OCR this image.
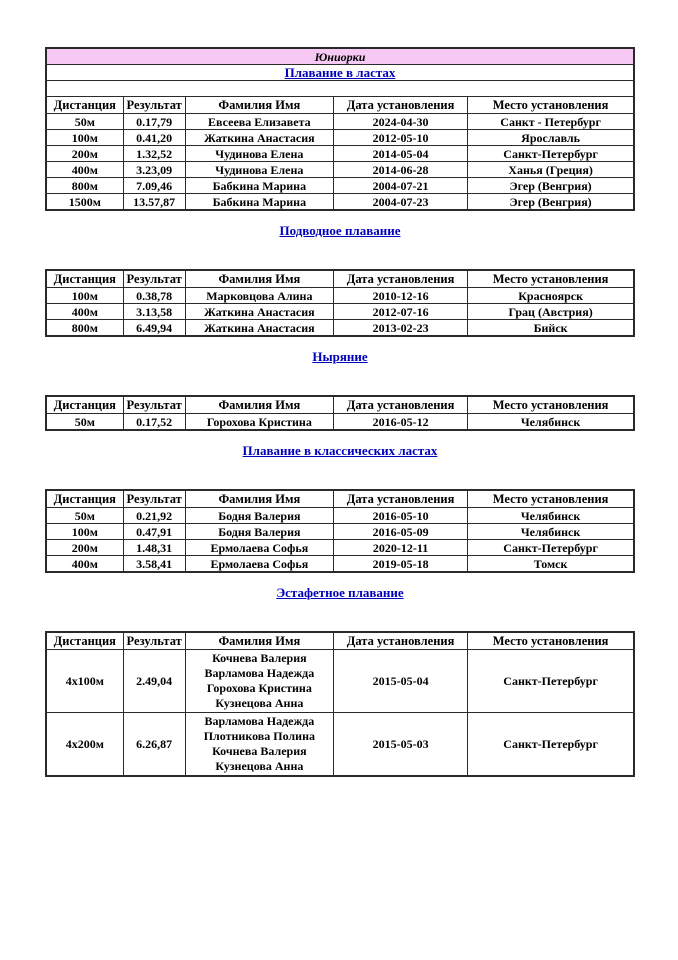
Юниорки				
Плавание в ластах				

Дистанция	Результат	Фамилия Имя	Дата установления	Место установления
50м	0.17,79	Евсеева Елизавета	2024-04-30	Санкт - Петербург
100м	0.41,20	Жаткина Анастасия	2012-05-10	Ярославль
200м	1.32,52	Чудинова Елена	2014-05-04	Санкт-Петербург
400м	3.23,09	Чудинова Елена	2014-06-28	Ханья (Греция)
800м	7.09,46	Бабкина Марина	2004-07-21	Эгер (Венгрия)
1500м	13.57,87	Бабкина Марина	2004-07-23	Эгер (Венгрия)
Подводное плавание
Дистанция	Результат	Фамилия Имя	Дата установления	Место установления
100м	0.38,78	Марковцова Алина	2010-12-16	Красноярск
400м	3.13,58	Жаткина Анастасия	2012-07-16	Грац (Австрия)
800м	6.49,94	Жаткина Анастасия	2013-02-23	Бийск
Ныряние
Дистанция	Результат	Фамилия Имя	Дата установления	Место установления
50м	0.17,52	Горохова Кристина	2016-05-12	Челябинск
Плавание в классических ластах
Дистанция	Результат	Фамилия Имя	Дата установления	Место установления
50м	0.21,92	Бодня Валерия	2016-05-10	Челябинск
100м	0.47,91	Бодня Валерия	2016-05-09	Челябинск
200м	1.48,31	Ермолаева Софья	2020-12-11	Санкт-Петербург
400м	3.58,41	Ермолаева Софья	2019-05-18	Томск
Эстафетное плавание
Дистанция	Результат	Фамилия Имя	Дата установления	Место установления
4x100м	2.49,04	Кочнева Валерия
Варламова Надежда
Горохова Кристина
Кузнецова Анна	2015-05-04	Санкт-Петербург
4x200м	6.26,87	Варламова Надежда
Плотникова Полина
Кочнева Валерия
Кузнецова Анна	2015-05-03	Санкт-Петербург
